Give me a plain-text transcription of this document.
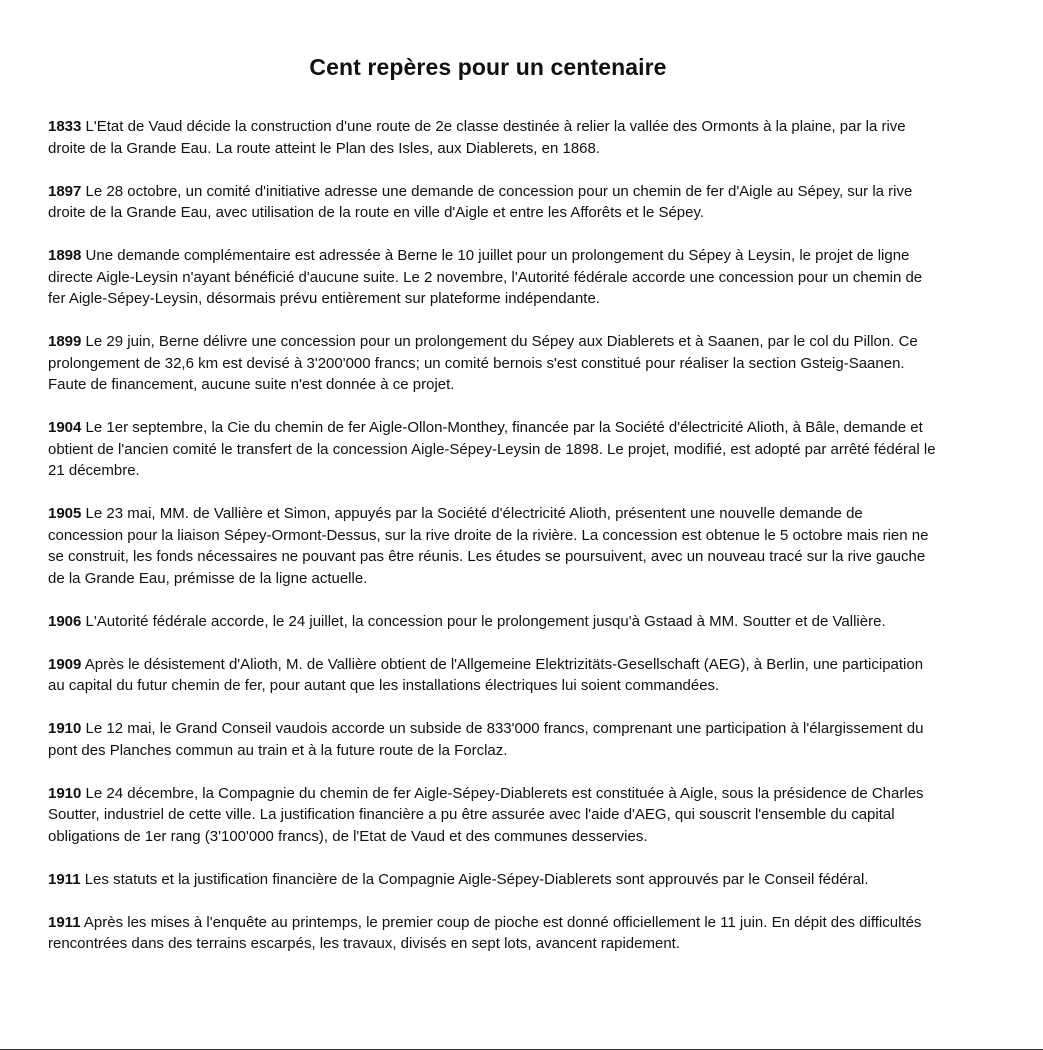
Cent repères pour un centenaire

1833 L'Etat de Vaud décide la construction d'une route de 2e classe destinée à relier la vallée des Ormonts à la plaine, par la rive droite de la Grande Eau. La route atteint le Plan des Isles, aux Diablerets, en 1868.

1897 Le 28 octobre, un comité d'initiative adresse une demande de concession pour un chemin de fer d'Aigle au Sépey, sur la rive droite de la Grande Eau, avec utilisation de la route en ville d'Aigle et entre les Afforêts et le Sépey.

1898 Une demande complémentaire est adressée à Berne le 10 juillet pour un prolongement du Sépey à Leysin, le projet de ligne directe Aigle-Leysin n'ayant bénéficié d'aucune suite. Le 2 novembre, l'Autorité fédérale accorde une concession pour un chemin de fer Aigle-Sépey-Leysin, désormais prévu entièrement sur plateforme indépendante.

1899 Le 29 juin, Berne délivre une concession pour un prolongement du Sépey aux Diablerets et à Saanen, par le col du Pillon. Ce prolongement de 32,6 km est devisé à 3'200'000 francs; un comité bernois s'est constitué pour réaliser la section Gsteig-Saanen. Faute de financement, aucune suite n'est donnée à ce projet.

1904 Le 1er septembre, la Cie du chemin de fer Aigle-Ollon-Monthey, financée par la Société d'électricité Alioth, à Bâle, demande et obtient de l'ancien comité le transfert de la concession Aigle-Sépey-Leysin de 1898. Le projet, modifié, est adopté par arrêté fédéral le 21 décembre.

1905 Le 23 mai, MM. de Vallière et Simon, appuyés par la Société d'électricité Alioth, présentent une nouvelle demande de concession pour la liaison Sépey-Ormont-Dessus, sur la rive droite de la rivière. La concession est obtenue le 5 octobre mais rien ne se construit, les fonds nécessaires ne pouvant pas être réunis. Les études se poursuivent, avec un nouveau tracé sur la rive gauche de la Grande Eau, prémisse de la ligne actuelle.

1906 L'Autorité fédérale accorde, le 24 juillet, la concession pour le prolongement jusqu'à Gstaad à MM. Soutter et de Vallière.

1909 Après le désistement d'Alioth, M. de Vallière obtient de l'Allgemeine Elektrizitäts-Gesellschaft (AEG), à Berlin, une participation au capital du futur chemin de fer, pour autant que les installations électriques lui soient commandées.

1910 Le 12 mai, le Grand Conseil vaudois accorde un subside de 833'000 francs, comprenant une participation à l'élargissement du pont des Planches commun au train et à la future route de la Forclaz.

1910 Le 24 décembre, la Compagnie du chemin de fer Aigle-Sépey-Diablerets est constituée à Aigle, sous la présidence de Charles Soutter, industriel de cette ville. La justification financière a pu être assurée avec l'aide d'AEG, qui souscrit l'ensemble du capital obligations de 1er rang (3'100'000 francs), de l'Etat de Vaud et des communes desservies.

1911 Les statuts et la justification financière de la Compagnie Aigle-Sépey-Diablerets sont approuvés par le Conseil fédéral.

1911 Après les mises à l'enquête au printemps, le premier coup de pioche est donné officiellement le 11 juin. En dépit des difficultés rencontrées dans des terrains escarpés, les travaux, divisés en sept lots, avancent rapidement.
